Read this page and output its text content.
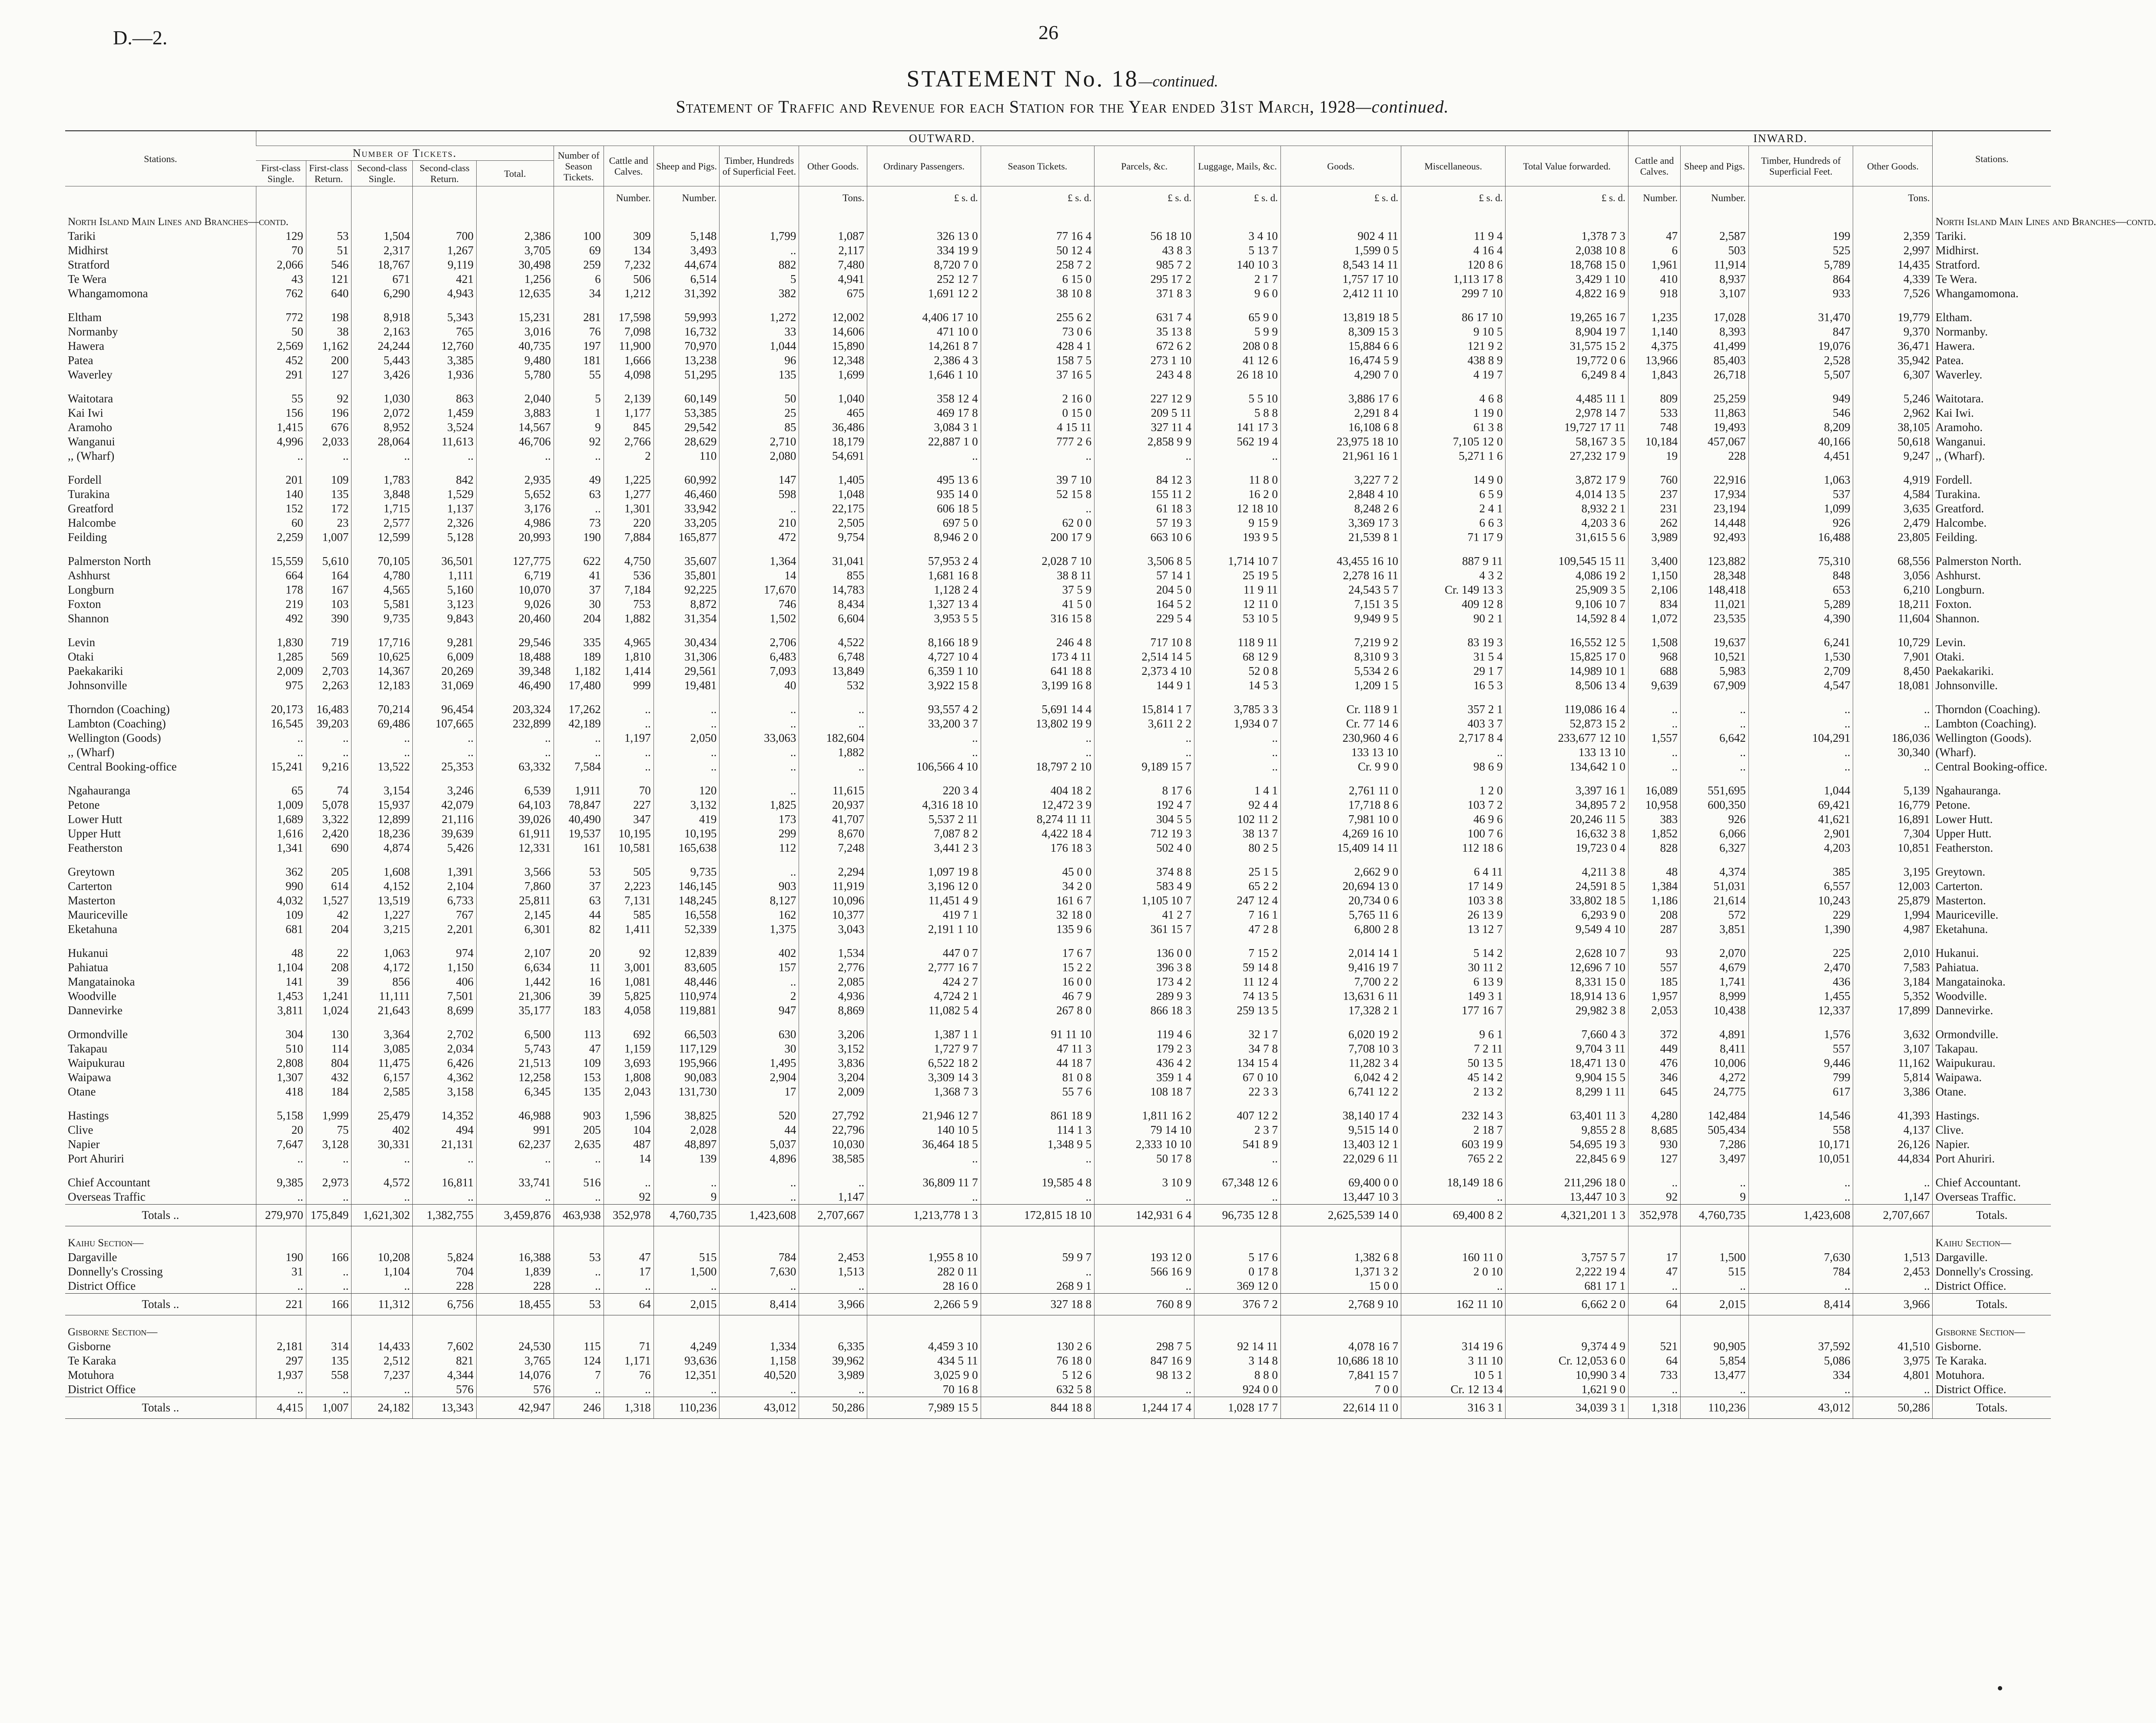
D.—2.	26
STATEMENT No. 18—continued.
Statement of Traffic and Revenue for each Station for the Year ended 31st March, 1928—continued.
Stations.	OUTWARD.																	INWARD.				Stations.
	Number of Tickets.					Number of Season Tickets.	Cattle and Calves.	Sheep and Pigs.	Timber, Hundreds of Superficial Feet.	Other Goods.	Ordinary Passengers.	Season Tickets.	Parcels, &c.	Luggage, Mails, &c.	Goods.	Miscellaneous.	Total Value forwarded.	Cattle and Calves.	Sheep and Pigs.	Timber, Hundreds of Superficial Feet.	Other Goods.	
	First-class Single.	First-class Return.	Second-class Single.	Second-class Return.	Total.																	
							Number.	Number.		Tons.	£ s. d.	£ s. d.	£ s. d.	£ s. d.	£ s. d.	£ s. d.	£ s. d.	Number.	Number.		Tons.	
North Island Main Lines and Branches—contd.																						North Island Main Lines and Branches—contd.
Tariki	129	53	1,504	700	2,386	100	309	5,148	1,799	1,087	326 13 0	77 16 4	56 18 10	3 4 10	902 4 11	11 9 4	1,378 7 3	47	2,587	199	2,359	Tariki.
Midhirst	70	51	2,317	1,267	3,705	69	134	3,493	..	2,117	334 19 9	50 12 4	43 8 3	5 13 7	1,599 0 5	4 16 4	2,038 10 8	6	503	525	2,997	Midhirst.
Stratford	2,066	546	18,767	9,119	30,498	259	7,232	44,674	882	7,480	8,720 7 0	258 7 2	985 7 2	140 10 3	8,543 14 11	120 8 6	18,768 15 0	1,961	11,914	5,789	14,435	Stratford.
Te Wera	43	121	671	421	1,256	6	506	6,514	5	4,941	252 12 7	6 15 0	295 17 2	2 1 7	1,757 17 10	1,113 17 8	3,429 1 10	410	8,937	864	4,339	Te Wera.
Whangamomona	762	640	6,290	4,943	12,635	34	1,212	31,392	382	675	1,691 12 2	38 10 8	371 8 3	9 6 0	2,412 11 10	299 7 10	4,822 16 9	918	3,107	933	7,526	Whangamomona.

Eltham	772	198	8,918	5,343	15,231	281	17,598	59,993	1,272	12,002	4,406 17 10	255 6 2	631 7 4	65 9 0	13,819 18 5	86 17 10	19,265 16 7	1,235	17,028	31,470	19,779	Eltham.
Normanby	50	38	2,163	765	3,016	76	7,098	16,732	33	14,606	471 10 0	73 0 6	35 13 8	5 9 9	8,309 15 3	9 10 5	8,904 19 7	1,140	8,393	847	9,370	Normanby.
Hawera	2,569	1,162	24,244	12,760	40,735	197	11,900	70,970	1,044	15,890	14,261 8 7	428 4 1	672 6 2	208 0 8	15,884 6 6	121 9 2	31,575 15 2	4,375	41,499	19,076	36,471	Hawera.
Patea	452	200	5,443	3,385	9,480	181	1,666	13,238	96	12,348	2,386 4 3	158 7 5	273 1 10	41 12 6	16,474 5 9	438 8 9	19,772 0 6	13,966	85,403	2,528	35,942	Patea.
Waverley	291	127	3,426	1,936	5,780	55	4,098	51,295	135	1,699	1,646 1 10	37 16 5	243 4 8	26 18 10	4,290 7 0	4 19 7	6,249 8 4	1,843	26,718	5,507	6,307	Waverley.

Waitotara	55	92	1,030	863	2,040	5	2,139	60,149	50	1,040	358 12 4	2 16 0	227 12 9	5 5 10	3,886 17 6	4 6 8	4,485 11 1	809	25,259	949	5,246	Waitotara.
Kai Iwi	156	196	2,072	1,459	3,883	1	1,177	53,385	25	465	469 17 8	0 15 0	209 5 11	5 8 8	2,291 8 4	1 19 0	2,978 14 7	533	11,863	546	2,962	Kai Iwi.
Aramoho	1,415	676	8,952	3,524	14,567	9	845	29,542	85	36,486	3,084 3 1	4 15 11	327 11 4	141 17 3	16,108 6 8	61 3 8	19,727 17 11	748	19,493	8,209	38,105	Aramoho.
Wanganui	4,996	2,033	28,064	11,613	46,706	92	2,766	28,629	2,710	18,179	22,887 1 0	777 2 6	2,858 9 9	562 19 4	23,975 18 10	7,105 12 0	58,167 3 5	10,184	457,067	40,166	50,618	Wanganui.
,, (Wharf)	..	..	..	..	..	..	2	110	2,080	54,691	..	..	..	..	21,961 16 1	5,271 1 6	27,232 17 9	19	228	4,451	9,247	,, (Wharf).

Fordell	201	109	1,783	842	2,935	49	1,225	60,992	147	1,405	495 13 6	39 7 10	84 12 3	11 8 0	3,227 7 2	14 9 0	3,872 17 9	760	22,916	1,063	4,919	Fordell.
Turakina	140	135	3,848	1,529	5,652	63	1,277	46,460	598	1,048	935 14 0	52 15 8	155 11 2	16 2 0	2,848 4 10	6 5 9	4,014 13 5	237	17,934	537	4,584	Turakina.
Greatford	152	172	1,715	1,137	3,176	..	1,301	33,942	..	22,175	606 18 5	..	61 18 3	12 18 10	8,248 2 6	2 4 1	8,932 2 1	231	23,194	1,099	3,635	Greatford.
Halcombe	60	23	2,577	2,326	4,986	73	220	33,205	210	2,505	697 5 0	62 0 0	57 19 3	9 15 9	3,369 17 3	6 6 3	4,203 3 6	262	14,448	926	2,479	Halcombe.
Feilding	2,259	1,007	12,599	5,128	20,993	190	7,884	165,877	472	9,754	8,946 2 0	200 17 9	663 10 6	193 9 5	21,539 8 1	71 17 9	31,615 5 6	3,989	92,493	16,488	23,805	Feilding.

Palmerston North	15,559	5,610	70,105	36,501	127,775	622	4,750	35,607	1,364	31,041	57,953 2 4	2,028 7 10	3,506 8 5	1,714 10 7	43,455 16 10	887 9 11	109,545 15 11	3,400	123,882	75,310	68,556	Palmerston North.
Ashhurst	664	164	4,780	1,111	6,719	41	536	35,801	14	855	1,681 16 8	38 8 11	57 14 1	25 19 5	2,278 16 11	4 3 2	4,086 19 2	1,150	28,348	848	3,056	Ashhurst.
Longburn	178	167	4,565	5,160	10,070	37	7,184	92,225	17,670	14,783	1,128 2 4	37 5 9	204 5 0	11 9 11	24,543 5 7	Cr. 149 13 3	25,909 3 5	2,106	148,418	653	6,210	Longburn.
Foxton	219	103	5,581	3,123	9,026	30	753	8,872	746	8,434	1,327 13 4	41 5 0	164 5 2	12 11 0	7,151 3 5	409 12 8	9,106 10 7	834	11,021	5,289	18,211	Foxton.
Shannon	492	390	9,735	9,843	20,460	204	1,882	31,354	1,502	6,604	3,953 5 5	316 15 8	229 5 4	53 10 5	9,949 9 5	90 2 1	14,592 8 4	1,072	23,535	4,390	11,604	Shannon.

Levin	1,830	719	17,716	9,281	29,546	335	4,965	30,434	2,706	4,522	8,166 18 9	246 4 8	717 10 8	118 9 11	7,219 9 2	83 19 3	16,552 12 5	1,508	19,637	6,241	10,729	Levin.
Otaki	1,285	569	10,625	6,009	18,488	189	1,810	31,306	6,483	6,748	4,727 10 4	173 4 11	2,514 14 5	68 12 9	8,310 9 3	31 5 4	15,825 17 0	968	10,521	1,530	7,901	Otaki.
Paekakariki	2,009	2,703	14,367	20,269	39,348	1,182	1,414	29,561	7,093	13,849	6,359 1 10	641 18 8	2,373 4 10	52 0 8	5,534 2 6	29 1 7	14,989 10 1	688	5,983	2,709	8,450	Paekakariki.
Johnsonville	975	2,263	12,183	31,069	46,490	17,480	999	19,481	40	532	3,922 15 8	3,199 16 8	144 9 1	14 5 3	1,209 1 5	16 5 3	8,506 13 4	9,639	67,909	4,547	18,081	Johnsonville.

Thorndon (Coaching)	20,173	16,483	70,214	96,454	203,324	17,262	..	..	..	..	93,557 4 2	5,691 14 4	15,814 1 7	3,785 3 3	Cr. 118 9 1	357 2 1	119,086 16 4	..	..	..	..	Thorndon (Coaching).
Lambton (Coaching)	16,545	39,203	69,486	107,665	232,899	42,189	..	..	..	..	33,200 3 7	13,802 19 9	3,611 2 2	1,934 0 7	Cr. 77 14 6	403 3 7	52,873 15 2	..	..	..	..	Lambton (Coaching).
Wellington (Goods)	..	..	..	..	..	..	1,197	2,050	33,063	182,604	..	..	..	..	230,960 4 6	2,717 8 4	233,677 12 10	1,557	6,642	104,291	186,036	Wellington (Goods).
,, (Wharf)	..	..	..	..	..	..	..	..	..	1,882	..	..	..	..	133 13 10	..	133 13 10	..	..	..	30,340	(Wharf).
Central Booking-office	15,241	9,216	13,522	25,353	63,332	7,584	..	..	..	..	106,566 4 10	18,797 2 10	9,189 15 7	..	Cr. 9 9 0	98 6 9	134,642 1 0	..	..	..	..	Central Booking-office.

Ngahauranga	65	74	3,154	3,246	6,539	1,911	70	120	..	11,615	220 3 4	404 18 2	8 17 6	1 4 1	2,761 11 0	1 2 0	3,397 16 1	16,089	551,695	1,044	5,139	Ngahauranga.
Petone	1,009	5,078	15,937	42,079	64,103	78,847	227	3,132	1,825	20,937	4,316 18 10	12,472 3 9	192 4 7	92 4 4	17,718 8 6	103 7 2	34,895 7 2	10,958	600,350	69,421	16,779	Petone.
Lower Hutt	1,689	3,322	12,899	21,116	39,026	40,490	347	419	173	41,707	5,537 2 11	8,274 11 11	304 5 5	102 11 2	7,981 10 0	46 9 6	20,246 11 5	383	926	41,621	16,891	Lower Hutt.
Upper Hutt	1,616	2,420	18,236	39,639	61,911	19,537	10,195	10,195	299	8,670	7,087 8 2	4,422 18 4	712 19 3	38 13 7	4,269 16 10	100 7 6	16,632 3 8	1,852	6,066	2,901	7,304	Upper Hutt.
Featherston	1,341	690	4,874	5,426	12,331	161	10,581	165,638	112	7,248	3,441 2 3	176 18 3	502 4 0	80 2 5	15,409 14 11	112 18 6	19,723 0 4	828	6,327	4,203	10,851	Featherston.

Greytown	362	205	1,608	1,391	3,566	53	505	9,735	..	2,294	1,097 19 8	45 0 0	374 8 8	25 1 5	2,662 9 0	6 4 11	4,211 3 8	48	4,374	385	3,195	Greytown.
Carterton	990	614	4,152	2,104	7,860	37	2,223	146,145	903	11,919	3,196 12 0	34 2 0	583 4 9	65 2 2	20,694 13 0	17 14 9	24,591 8 5	1,384	51,031	6,557	12,003	Carterton.
Masterton	4,032	1,527	13,519	6,733	25,811	63	7,131	148,245	8,127	10,096	11,451 4 9	161 6 7	1,105 10 7	247 12 4	20,734 0 6	103 3 8	33,802 18 5	1,186	21,614	10,243	25,879	Masterton.
Mauriceville	109	42	1,227	767	2,145	44	585	16,558	162	10,377	419 7 1	32 18 0	41 2 7	7 16 1	5,765 11 6	26 13 9	6,293 9 0	208	572	229	1,994	Mauriceville.
Eketahuna	681	204	3,215	2,201	6,301	82	1,411	52,339	1,375	3,043	2,191 1 10	135 9 6	361 15 7	47 2 8	6,800 2 8	13 12 7	9,549 4 10	287	3,851	1,390	4,987	Eketahuna.

Hukanui	48	22	1,063	974	2,107	20	92	12,839	402	1,534	447 0 7	17 6 7	136 0 0	7 15 2	2,014 14 1	5 14 2	2,628 10 7	93	2,070	225	2,010	Hukanui.
Pahiatua	1,104	208	4,172	1,150	6,634	11	3,001	83,605	157	2,776	2,777 16 7	15 2 2	396 3 8	59 14 8	9,416 19 7	30 11 2	12,696 7 10	557	4,679	2,470	7,583	Pahiatua.
Mangatainoka	141	39	856	406	1,442	16	1,081	48,446	..	2,085	424 2 7	16 0 0	173 4 2	11 12 4	7,700 2 2	6 13 9	8,331 15 0	185	1,741	436	3,184	Mangatainoka.
Woodville	1,453	1,241	11,111	7,501	21,306	39	5,825	110,974	2	4,936	4,724 2 1	46 7 9	289 9 3	74 13 5	13,631 6 11	149 3 1	18,914 13 6	1,957	8,999	1,455	5,352	Woodville.
Dannevirke	3,811	1,024	21,643	8,699	35,177	183	4,058	119,881	947	8,869	11,082 5 4	267 8 0	866 18 3	259 13 5	17,328 2 1	177 16 7	29,982 3 8	2,053	10,438	12,337	17,899	Dannevirke.

Ormondville	304	130	3,364	2,702	6,500	113	692	66,503	630	3,206	1,387 1 1	91 11 10	119 4 6	32 1 7	6,020 19 2	9 6 1	7,660 4 3	372	4,891	1,576	3,632	Ormondville.
Takapau	510	114	3,085	2,034	5,743	47	1,159	117,129	30	3,152	1,727 9 7	47 11 3	179 2 3	34 7 8	7,708 10 3	7 2 11	9,704 3 11	449	8,411	557	3,107	Takapau.
Waipukurau	2,808	804	11,475	6,426	21,513	109	3,693	195,966	1,495	3,836	6,522 18 2	44 18 7	436 4 2	134 15 4	11,282 3 4	50 13 5	18,471 13 0	476	10,006	9,446	11,162	Waipukurau.
Waipawa	1,307	432	6,157	4,362	12,258	153	1,808	90,083	2,904	3,204	3,309 14 3	81 0 8	359 1 4	67 0 10	6,042 4 2	45 14 2	9,904 15 5	346	4,272	799	5,814	Waipawa.
Otane	418	184	2,585	3,158	6,345	135	2,043	131,730	17	2,009	1,368 7 3	55 7 6	108 18 7	22 3 3	6,741 12 2	2 13 2	8,299 1 11	645	24,775	617	3,386	Otane.

Hastings	5,158	1,999	25,479	14,352	46,988	903	1,596	38,825	520	27,792	21,946 12 7	861 18 9	1,811 16 2	407 12 2	38,140 17 4	232 14 3	63,401 11 3	4,280	142,484	14,546	41,393	Hastings.
Clive	20	75	402	494	991	205	104	2,028	44	22,796	140 10 5	114 1 3	79 14 10	2 3 7	9,515 14 0	2 18 7	9,855 2 8	8,685	505,434	558	4,137	Clive.
Napier	7,647	3,128	30,331	21,131	62,237	2,635	487	48,897	5,037	10,030	36,464 18 5	1,348 9 5	2,333 10 10	541 8 9	13,403 12 1	603 19 9	54,695 19 3	930	7,286	10,171	26,126	Napier.
Port Ahuriri	..	..	..	..	..	..	14	139	4,896	38,585	..	..	50 17 8	..	22,029 6 11	765 2 2	22,845 6 9	127	3,497	10,051	44,834	Port Ahuriri.

Chief Accountant	9,385	2,973	4,572	16,811	33,741	516	..	..	..	..	36,809 11 7	19,585 4 8	3 10 9	67,348 12 6	69,400 0 0	18,149 18 6	211,296 18 0	..	..	..	..	Chief Accountant.
Overseas Traffic	..	..	..	..	..	..	92	9	..	1,147	..	..	..	..	13,447 10 3	..	13,447 10 3	92	9	..	1,147	Overseas Traffic.
Totals ..	279,970	175,849	1,621,302	1,382,755	3,459,876	463,938	352,978	4,760,735	1,423,608	2,707,667	1,213,778 1 3	172,815 18 10	142,931 6 4	96,735 12 8	2,625,539 14 0	69,400 8 2	4,321,201 1 3	352,978	4,760,735	1,423,608	2,707,667	Totals.
Kaihu Section—																						Kaihu Section—
Dargaville	190	166	10,208	5,824	16,388	53	47	515	784	2,453	1,955 8 10	59 9 7	193 12 0	5 17 6	1,382 6 8	160 11 0	3,757 5 7	17	1,500	7,630	1,513	Dargaville.
Donnelly's Crossing	31	..	1,104	704	1,839	..	17	1,500	7,630	1,513	282 0 11	..	566 16 9	0 17 8	1,371 3 2	2 0 10	2,222 19 4	47	515	784	2,453	Donnelly's Crossing.
District Office	..	..	..	228	228	..	..	..	..	..	28 16 0	268 9 1	..	369 12 0	15 0 0	..	681 17 1	..	..	..	..	District Office.
Totals ..	221	166	11,312	6,756	18,455	53	64	2,015	8,414	3,966	2,266 5 9	327 18 8	760 8 9	376 7 2	2,768 9 10	162 11 10	6,662 2 0	64	2,015	8,414	3,966	Totals.
Gisborne Section—																						Gisborne Section—
Gisborne	2,181	314	14,433	7,602	24,530	115	71	4,249	1,334	6,335	4,459 3 10	130 2 6	298 7 5	92 14 11	4,078 16 7	314 19 6	9,374 4 9	521	90,905	37,592	41,510	Gisborne.
Te Karaka	297	135	2,512	821	3,765	124	1,171	93,636	1,158	39,962	434 5 11	76 18 0	847 16 9	3 14 8	10,686 18 10	3 11 10	Cr. 12,053 6 0	64	5,854	5,086	3,975	Te Karaka.
Motuhora	1,937	558	7,237	4,344	14,076	7	76	12,351	40,520	3,989	3,025 9 0	5 12 6	98 13 2	8 8 0	7,841 15 7	10 5 1	10,990 3 4	733	13,477	334	4,801	Motuhora.
District Office	..	..	..	576	576	..	..	..	..	..	70 16 8	632 5 8	..	924 0 0	7 0 0	Cr. 12 13 4	1,621 9 0	..	..	..	..	District Office.
Totals ..	4,415	1,007	24,182	13,343	42,947	246	1,318	110,236	43,012	50,286	7,989 15 5	844 18 8	1,244 17 4	1,028 17 7	22,614 11 0	316 3 1	34,039 3 1	1,318	110,236	43,012	50,286	Totals.
